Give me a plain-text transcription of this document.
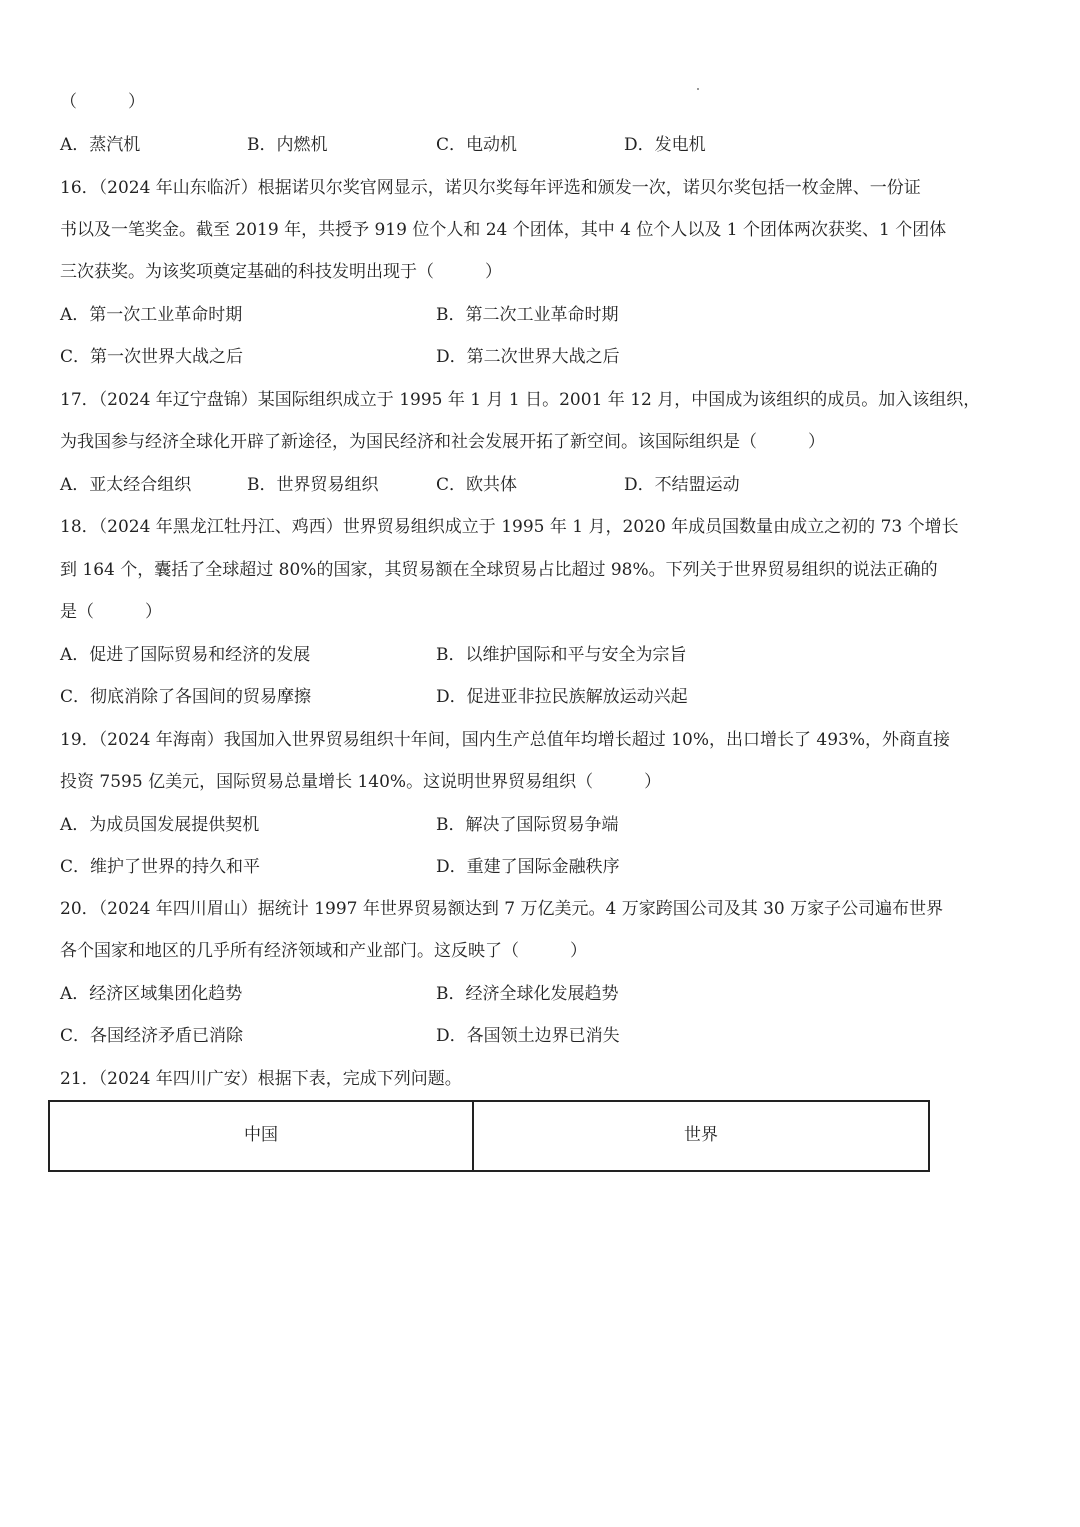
（　　　）
A．蒸汽机	B．内燃机	C．电动机	D．发电机
16．（2024 年山东临沂）根据诺贝尔奖官网显示，诺贝尔奖每年评选和颁发一次，诺贝尔奖包括一枚金牌、一份证
书以及一笔奖金。截至 2019 年，共授予 919 位个人和 24 个团体，其中 4 位个人以及 1 个团体两次获奖、1 个团体
三次获奖。为该奖项奠定基础的科技发明出现于（　　　）
A．第一次工业革命时期	B．第二次工业革命时期
C．第一次世界大战之后	D．第二次世界大战之后
17．（2024 年辽宁盘锦）某国际组织成立于 1995 年 1 月 1 日。2001 年 12 月，中国成为该组织的成员。加入该组织，
为我国参与经济全球化开辟了新途径，为国民经济和社会发展开拓了新空间。该国际组织是（　　　）
A．亚太经合组织	B．世界贸易组织	C．欧共体	D．不结盟运动
18．（2024 年黑龙江牡丹江、鸡西）世界贸易组织成立于 1995 年 1 月，2020 年成员国数量由成立之初的 73 个增长
到 164 个，囊括了全球超过 80%的国家，其贸易额在全球贸易占比超过 98%。下列关于世界贸易组织的说法正确的
是（　　　）
A．促进了国际贸易和经济的发展	B．以维护国际和平与安全为宗旨
C．彻底消除了各国间的贸易摩擦	D．促进亚非拉民族解放运动兴起
19．（2024 年海南）我国加入世界贸易组织十年间，国内生产总值年均增长超过 10%，出口增长了 493%，外商直接
投资 7595 亿美元，国际贸易总量增长 140%。这说明世界贸易组织（　　　）
A．为成员国发展提供契机	B．解决了国际贸易争端
C．维护了世界的持久和平	D．重建了国际金融秩序
20．（2024 年四川眉山）据统计 1997 年世界贸易额达到 7 万亿美元。4 万家跨国公司及其 30 万家子公司遍布世界
各个国家和地区的几乎所有经济领域和产业部门。这反映了（　　　）
A．经济区域集团化趋势	B．经济全球化发展趋势
C．各国经济矛盾已消除	D．各国领土边界已消失
21．（2024 年四川广安）根据下表，完成下列问题。
中国	世界
